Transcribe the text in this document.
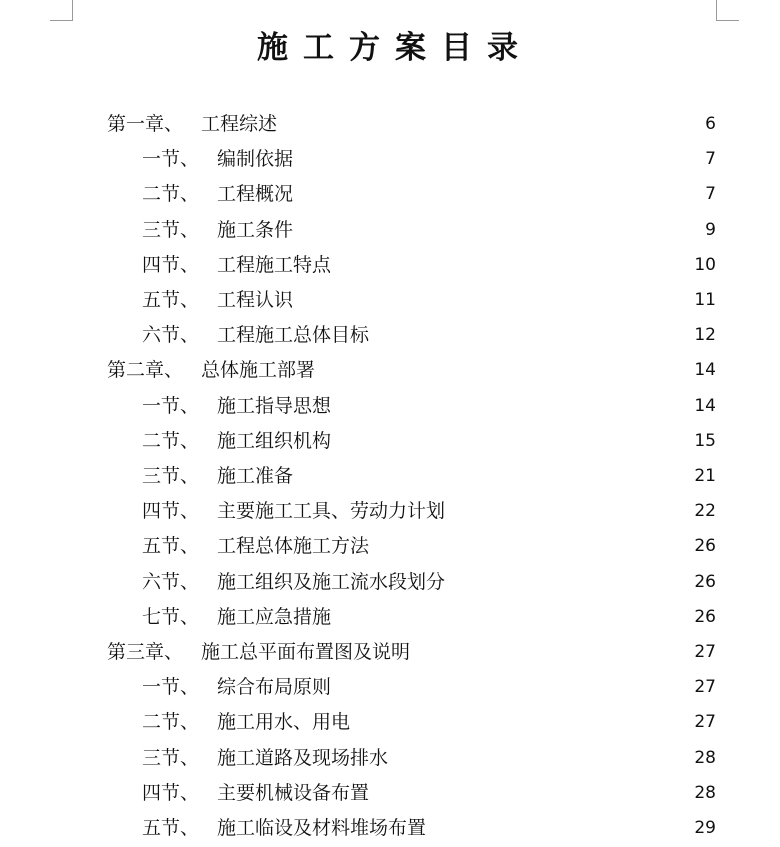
施工方案目录
第一章、 工程综述	6
一节、 编制依据	7
二节、 工程概况	7
三节、 施工条件	9
四节、 工程施工特点	10
五节、 工程认识	11
六节、 工程施工总体目标	12
第二章、 总体施工部署	14
一节、 施工指导思想	14
二节、 施工组织机构	15
三节、 施工准备	21
四节、 主要施工工具、劳动力计划	22
五节、 工程总体施工方法	26
六节、 施工组织及施工流水段划分	26
七节、 施工应急措施	26
第三章、 施工总平面布置图及说明	27
一节、 综合布局原则	27
二节、 施工用水、用电	27
三节、 施工道路及现场排水	28
四节、 主要机械设备布置	28
五节、 施工临设及材料堆场布置	29
